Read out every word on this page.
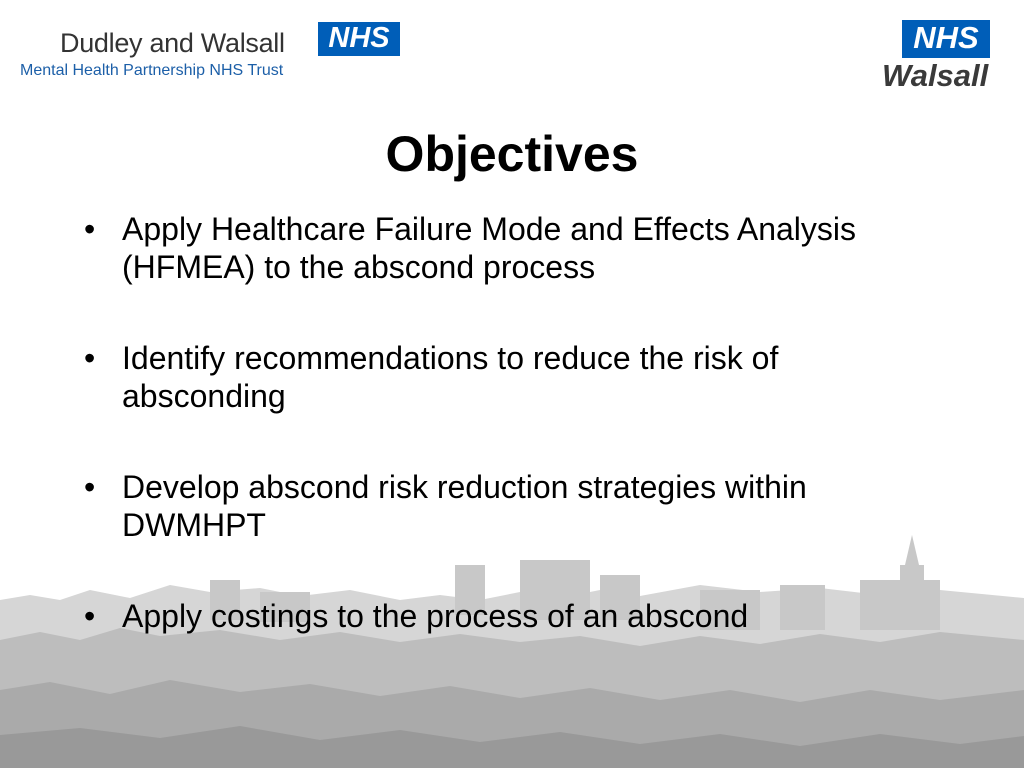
Dudley and Walsall	NHS
Mental Health Partnership NHS Trust
NHS
Walsall
Objectives
• Apply Healthcare Failure Mode and Effects Analysis (HFMEA) to the abscond process
• Identify recommendations to reduce the risk of absconding
• Develop abscond risk reduction strategies within DWMHPT
• Apply costings to the process of an abscond
